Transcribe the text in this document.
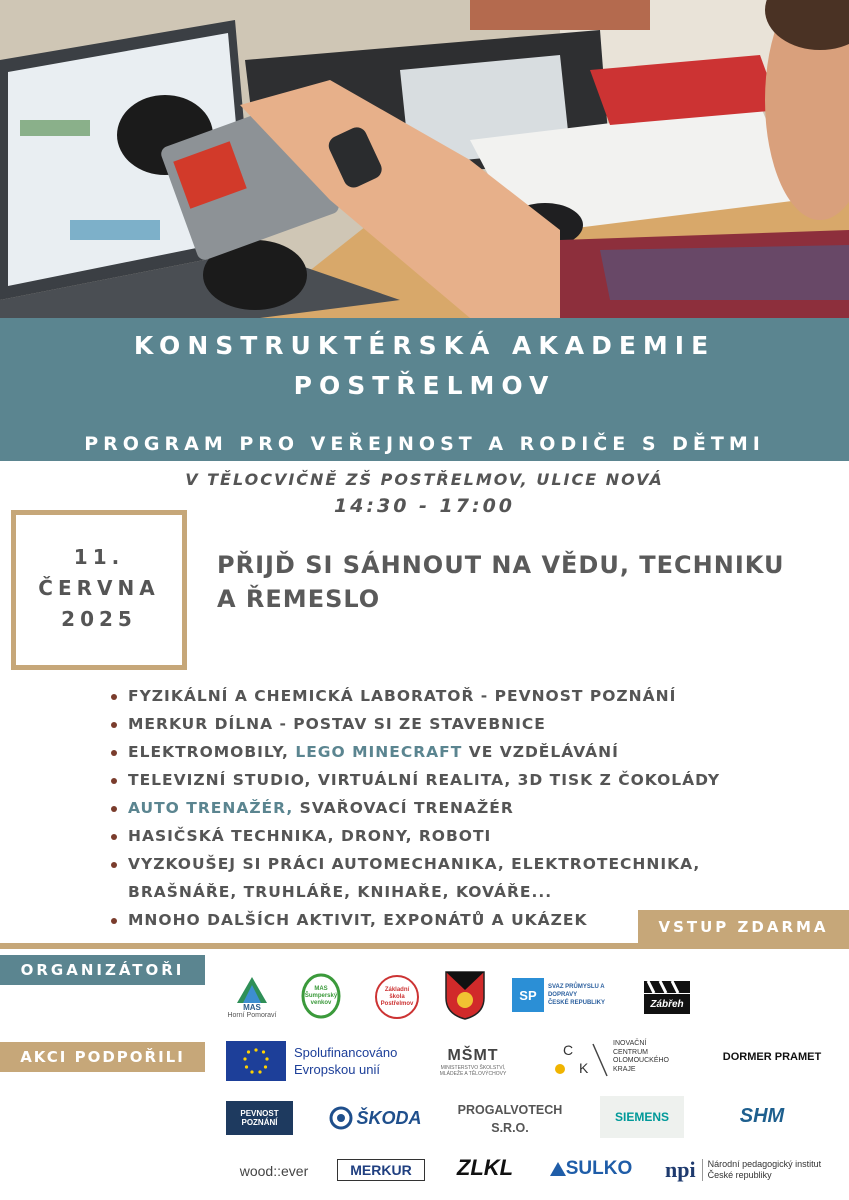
KONSTRUKTÉRSKÁ AKADEMIE
POSTŘELMOV
PROGRAM PRO VEŘEJNOST A RODIČE S DĚTMI
V TĚLOCVIČNĚ ZŠ POSTŘELMOV, ULICE NOVÁ
14:30 - 17:00
11.
ČERVNA
2025
PŘIJĎ SI SÁHNOUT NA VĚDU, TECHNIKU
A ŘEMESLO
FYZIKÁLNÍ A CHEMICKÁ LABORATOŘ - PEVNOST POZNÁNÍ
MERKUR DÍLNA - POSTAV SI ZE STAVEBNICE
ELEKTROMOBILY, LEGO MINECRAFT VE VZDĚLÁVÁNÍ
TELEVIZNÍ STUDIO, VIRTUÁLNÍ REALITA, 3D TISK Z ČOKOLÁDY
AUTO TRENAŽÉR, SVAŘOVACÍ TRENAŽÉR
HASIČSKÁ TECHNIKA, DRONY, ROBOTI
VYZKOUŠEJ SI PRÁCI AUTOMECHANIKA, ELEKTROTECHNIKA,
BRAŠNÁŘE, TRUHLÁŘE, KNIHAŘE, KOVÁŘE...
MNOHO DALŠÍCH AKTIVIT, EXPONÁTŮ A UKÁZEK	VSTUP ZDARMA
ORGANIZÁTOŘI
AKCI PODPOŘILI
MAS
Horní Pomoraví
MAS Šumperský venkov
Základní škola Postřelmov
SP
SVAZ PRŮMYSLU A DOPRAVY
ČESKÉ REPUBLIKY	Zábřeh
Spolufinancováno
Evropskou unií
MŠMT
MINISTERSTVO ŠKOLSTVÍ,
MLÁDEŽE A TĚLOVÝCHOVY
C
K
INOVAČNÍ
CENTRUM
OLOMOUCKÉHO
KRAJE
DORMER PRAMET
PEVNOST
POZNÁNÍ	ŠKODA	PROGALVOTECH
S.R.O.
SIEMENS	SHM
wood::ever	MERKUR	ZLKL	SULKO npi Národní pedagogický institut
České republiky
